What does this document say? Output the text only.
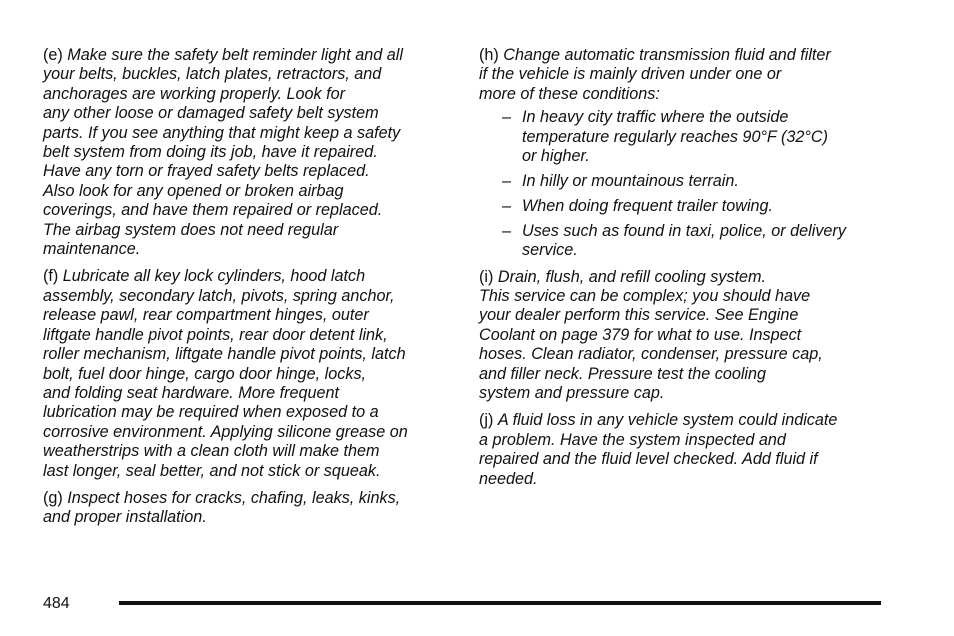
(e) Make sure the safety belt reminder light and all
your belts, buckles, latch plates, retractors, and
anchorages are working properly. Look for
any other loose or damaged safety belt system
parts. If you see anything that might keep a safety
belt system from doing its job, have it repaired.
Have any torn or frayed safety belts replaced.
Also look for any opened or broken airbag
coverings, and have them repaired or replaced.
The airbag system does not need regular
maintenance.
(f) Lubricate all key lock cylinders, hood latch
assembly, secondary latch, pivots, spring anchor,
release pawl, rear compartment hinges, outer
liftgate handle pivot points, rear door detent link,
roller mechanism, liftgate handle pivot points, latch
bolt, fuel door hinge, cargo door hinge, locks,
and folding seat hardware. More frequent
lubrication may be required when exposed to a
corrosive environment. Applying silicone grease on
weatherstrips with a clean cloth will make them
last longer, seal better, and not stick or squeak.
(g) Inspect hoses for cracks, chafing, leaks, kinks,
and proper installation.
(h) Change automatic transmission fluid and filter
if the vehicle is mainly driven under one or
more of these conditions:
– In heavy city traffic where the outside
temperature regularly reaches 90°F (32°C)
or higher.
– In hilly or mountainous terrain.
– When doing frequent trailer towing.
– Uses such as found in taxi, police, or delivery
service.
(i) Drain, flush, and refill cooling system.
This service can be complex; you should have
your dealer perform this service. See Engine
Coolant on page 379 for what to use. Inspect
hoses. Clean radiator, condenser, pressure cap,
and filler neck. Pressure test the cooling
system and pressure cap.
(j) A fluid loss in any vehicle system could indicate
a problem. Have the system inspected and
repaired and the fluid level checked. Add fluid if
needed.
484
